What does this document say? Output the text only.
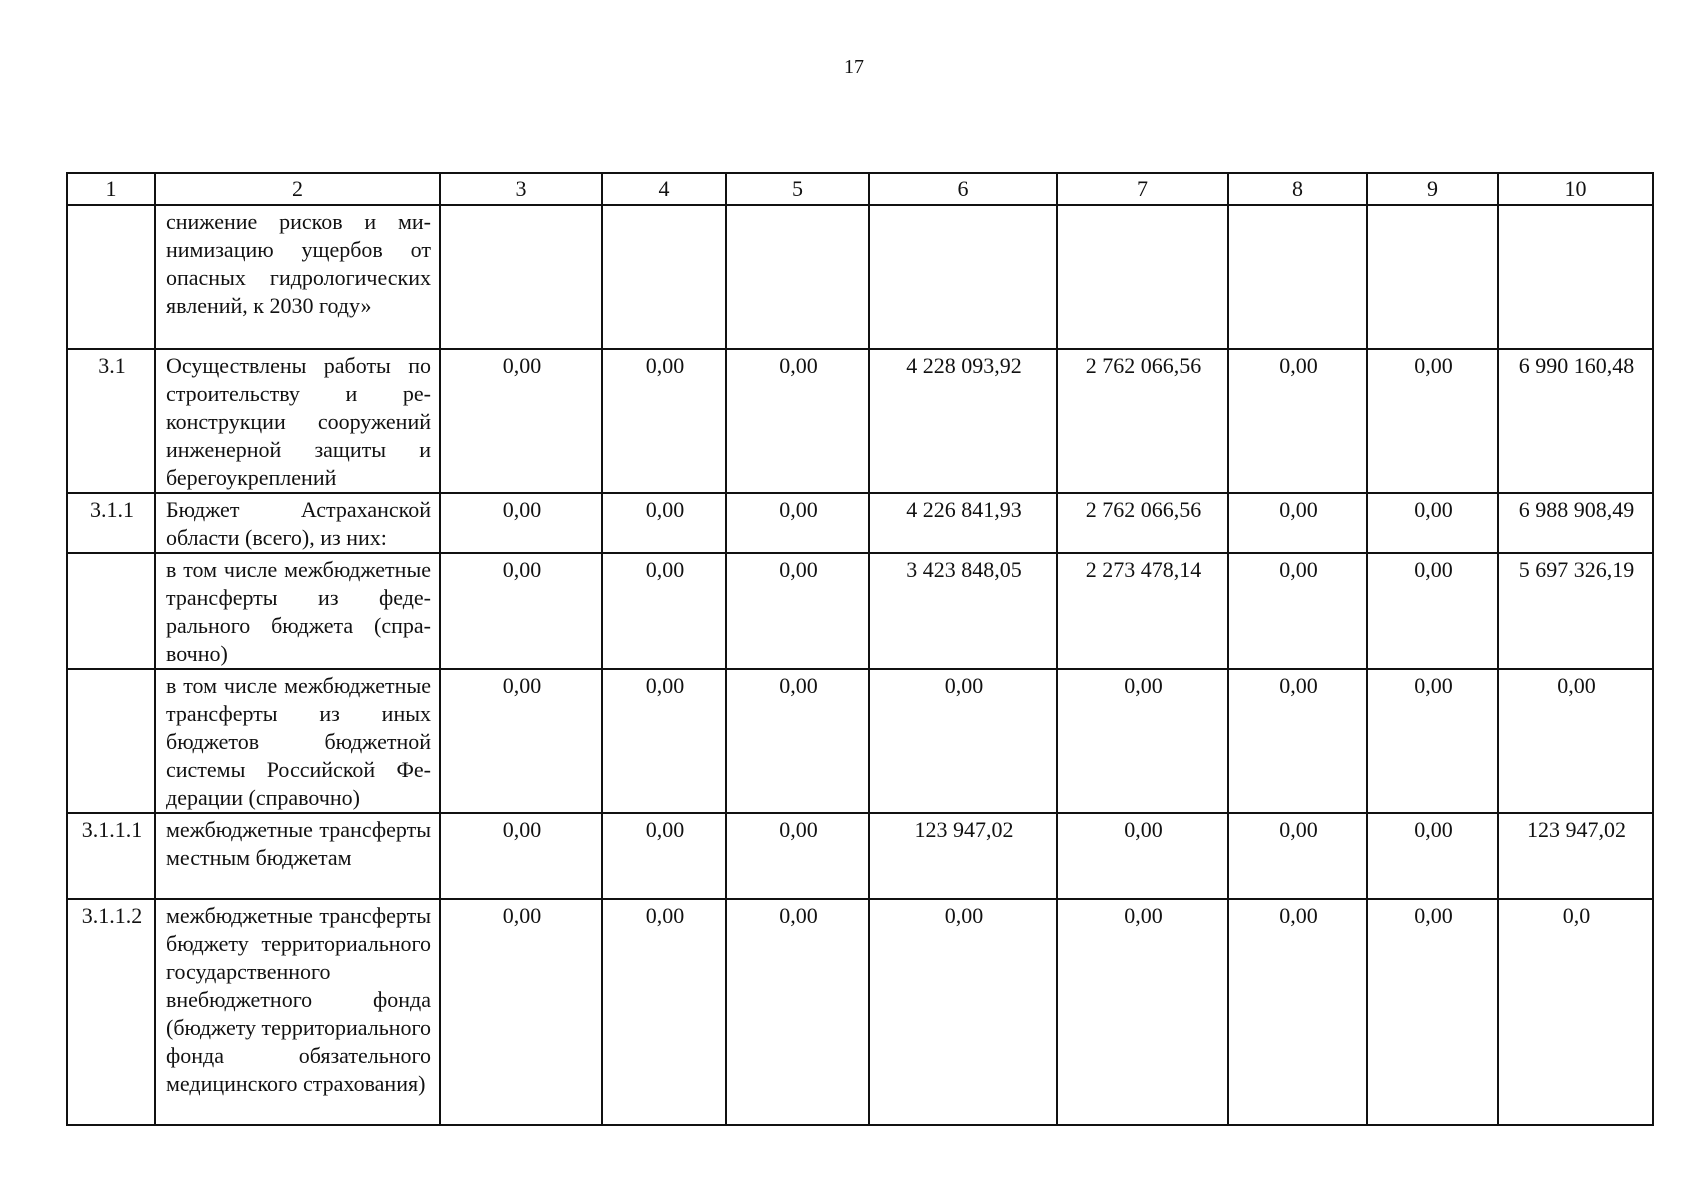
17
1	2	3	4	5	6	7	8	9	10
	снижение рисков и минимизацию ущербов от опасных гидрологических явлений, к 2030 году»								
3.1	Осуществлены работы по строительству и реконструкции сооружений инженерной защиты и берегоукреплений	0,00	0,00	0,00	4 228 093,92	2 762 066,56	0,00	0,00	6 990 160,48
3.1.1	Бюджет Астраханской области (всего), из них:	0,00	0,00	0,00	4 226 841,93	2 762 066,56	0,00	0,00	6 988 908,49
	в том числе межбюджетные трансферты из федерального бюджета (справочно)	0,00	0,00	0,00	3 423 848,05	2 273 478,14	0,00	0,00	5 697 326,19
	в том числе межбюджетные трансферты из иных бюджетов бюджетной системы Российской Федерации (справочно)	0,00	0,00	0,00	0,00	0,00	0,00	0,00	0,00
3.1.1.1	межбюджетные трансферты местным бюджетам	0,00	0,00	0,00	123 947,02	0,00	0,00	0,00	123 947,02
3.1.1.2	межбюджетные трансферты бюджету территориального государственного внебюджетного фонда (бюджету территориального фонда обязательного медицинского страхования)	0,00	0,00	0,00	0,00	0,00	0,00	0,00	0,0
